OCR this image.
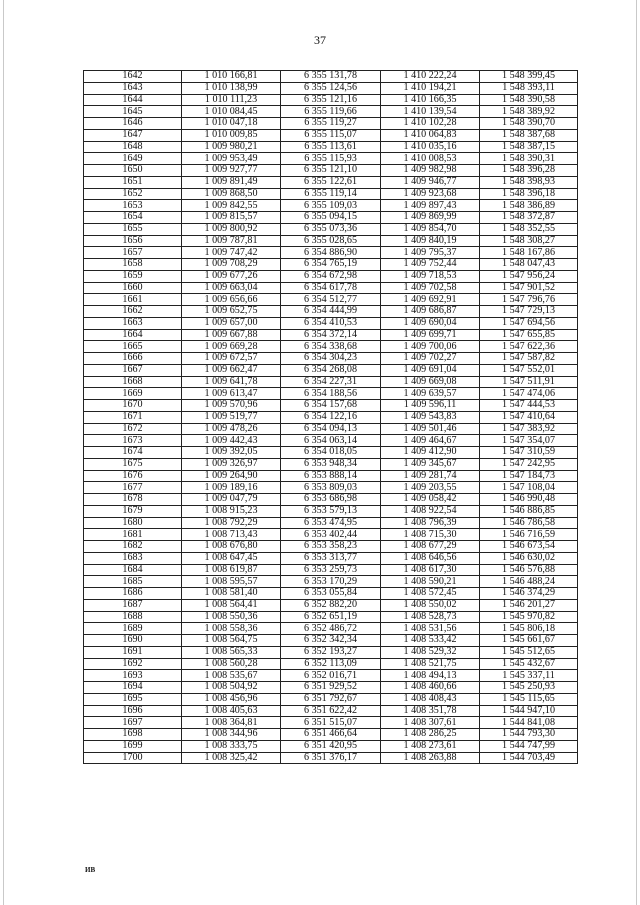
37
1642	1 010 166,81	6 355 131,78	1 410 222,24	1 548 399,45
1643	1 010 138,99	6 355 124,56	1 410 194,21	1 548 393,11
1644	1 010 111,23	6 355 121,16	1 410 166,35	1 548 390,58
1645	1 010 084,45	6 355 119,66	1 410 139,54	1 548 389,92
1646	1 010 047,18	6 355 119,27	1 410 102,28	1 548 390,70
1647	1 010 009,85	6 355 115,07	1 410 064,83	1 548 387,68
1648	1 009 980,21	6 355 113,61	1 410 035,16	1 548 387,15
1649	1 009 953,49	6 355 115,93	1 410 008,53	1 548 390,31
1650	1 009 927,77	6 355 121,10	1 409 982,98	1 548 396,28
1651	1 009 891,49	6 355 122,61	1 409 946,77	1 548 398,93
1652	1 009 868,50	6 355 119,14	1 409 923,68	1 548 396,18
1653	1 009 842,55	6 355 109,03	1 409 897,43	1 548 386,89
1654	1 009 815,57	6 355 094,15	1 409 869,99	1 548 372,87
1655	1 009 800,92	6 355 073,36	1 409 854,70	1 548 352,55
1656	1 009 787,81	6 355 028,65	1 409 840,19	1 548 308,27
1657	1 009 747,42	6 354 886,90	1 409 795,37	1 548 167,86
1658	1 009 708,29	6 354 765,19	1 409 752,44	1 548 047,43
1659	1 009 677,26	6 354 672,98	1 409 718,53	1 547 956,24
1660	1 009 663,04	6 354 617,78	1 409 702,58	1 547 901,52
1661	1 009 656,66	6 354 512,77	1 409 692,91	1 547 796,76
1662	1 009 652,75	6 354 444,99	1 409 686,87	1 547 729,13
1663	1 009 657,00	6 354 410,53	1 409 690,04	1 547 694,56
1664	1 009 667,88	6 354 372,14	1 409 699,71	1 547 655,85
1665	1 009 669,28	6 354 338,68	1 409 700,06	1 547 622,36
1666	1 009 672,57	6 354 304,23	1 409 702,27	1 547 587,82
1667	1 009 662,47	6 354 268,08	1 409 691,04	1 547 552,01
1668	1 009 641,78	6 354 227,31	1 409 669,08	1 547 511,91
1669	1 009 613,47	6 354 188,56	1 409 639,57	1 547 474,06
1670	1 009 570,96	6 354 157,68	1 409 596,11	1 547 444,53
1671	1 009 519,77	6 354 122,16	1 409 543,83	1 547 410,64
1672	1 009 478,26	6 354 094,13	1 409 501,46	1 547 383,92
1673	1 009 442,43	6 354 063,14	1 409 464,67	1 547 354,07
1674	1 009 392,05	6 354 018,05	1 409 412,90	1 547 310,59
1675	1 009 326,97	6 353 948,34	1 409 345,67	1 547 242,95
1676	1 009 264,90	6 353 888,14	1 409 281,74	1 547 184,73
1677	1 009 189,16	6 353 809,03	1 409 203,55	1 547 108,04
1678	1 009 047,79	6 353 686,98	1 409 058,42	1 546 990,48
1679	1 008 915,23	6 353 579,13	1 408 922,54	1 546 886,85
1680	1 008 792,29	6 353 474,95	1 408 796,39	1 546 786,58
1681	1 008 713,43	6 353 402,44	1 408 715,30	1 546 716,59
1682	1 008 676,80	6 353 358,23	1 408 677,29	1 546 673,54
1683	1 008 647,45	6 353 313,77	1 408 646,56	1 546 630,02
1684	1 008 619,87	6 353 259,73	1 408 617,30	1 546 576,88
1685	1 008 595,57	6 353 170,29	1 408 590,21	1 546 488,24
1686	1 008 581,40	6 353 055,84	1 408 572,45	1 546 374,29
1687	1 008 564,41	6 352 882,20	1 408 550,02	1 546 201,27
1688	1 008 550,36	6 352 651,19	1 408 528,73	1 545 970,82
1689	1 008 558,36	6 352 486,72	1 408 531,56	1 545 806,18
1690	1 008 564,75	6 352 342,34	1 408 533,42	1 545 661,67
1691	1 008 565,33	6 352 193,27	1 408 529,32	1 545 512,65
1692	1 008 560,28	6 352 113,09	1 408 521,75	1 545 432,67
1693	1 008 535,67	6 352 016,71	1 408 494,13	1 545 337,11
1694	1 008 504,92	6 351 929,52	1 408 460,66	1 545 250,93
1695	1 008 456,96	6 351 792,67	1 408 408,43	1 545 115,65
1696	1 008 405,63	6 351 622,42	1 408 351,78	1 544 947,10
1697	1 008 364,81	6 351 515,07	1 408 307,61	1 544 841,08
1698	1 008 344,96	6 351 466,64	1 408 286,25	1 544 793,30
1699	1 008 333,75	6 351 420,95	1 408 273,61	1 544 747,99
1700	1 008 325,42	6 351 376,17	1 408 263,88	1 544 703,49
ИВ
